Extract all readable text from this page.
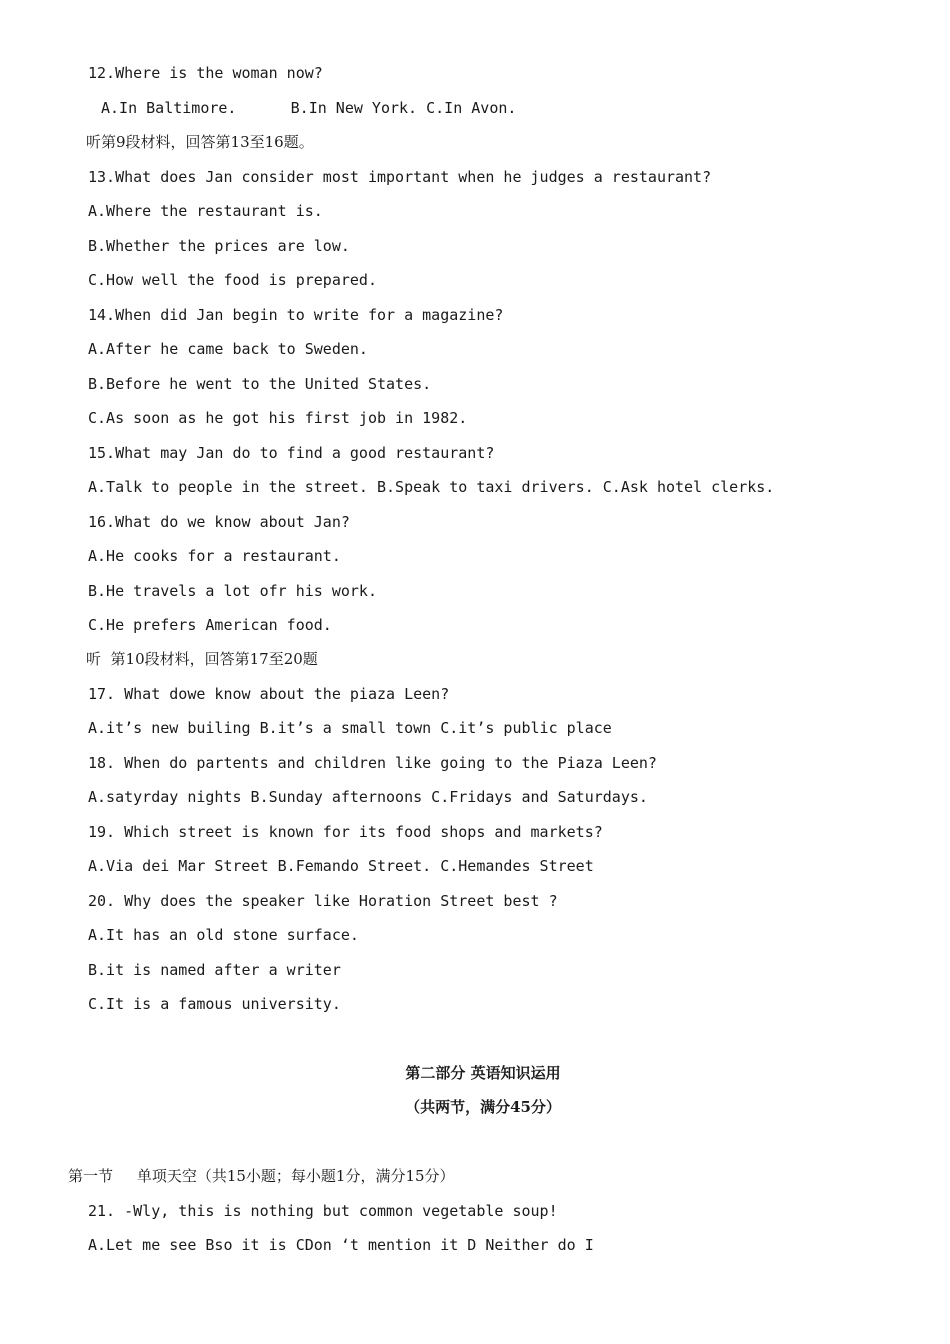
12.Where is the woman now?
A.In Baltimore.      B.In New York. C.In Avon.
听第9段材料，回答第13至16题。
13.What does Jan consider most important when he judges a restaurant?
A.Where the restaurant is.
B.Whether the prices are low.
C.How well the food is prepared.
14.When did Jan begin to write for a magazine?
A.After he came back to Sweden.
B.Before he went to the United States.
C.As soon as he got his first job in 1982.
15.What may Jan do to find a good restaurant?
A.Talk to people in the street. B.Speak to taxi drivers. C.Ask hotel clerks.
16.What do we know about Jan?
A.He cooks for a restaurant.
B.He travels a lot ofr his work.
C.He prefers American food.
听  第10段材料，回答第17至20题
17. What dowe know about the piaza Leen?
A.it’s new builing B.it’s a small town C.it’s public place
18. When do partents and children like going to the Piaza Leen?
A.satyrday nights B.Sunday afternoons C.Fridays and Saturdays.
19. Which street is known for its food shops and markets?
A.Via dei Mar Street B.Femando Street. C.Hemandes Street
20. Why does the speaker like Horation Street best ?
A.It has an old stone surface.
B.it is named after a writer
C.It is a famous university.
第二部分 英语知识运用
（共两节，满分45分）
第一节     单项天空（共15小题；每小题1分，满分15分）
21. -Wly, this is nothing but common vegetable soup!
A.Let me see Bso it is CDon ‘t mention it D Neither do I
